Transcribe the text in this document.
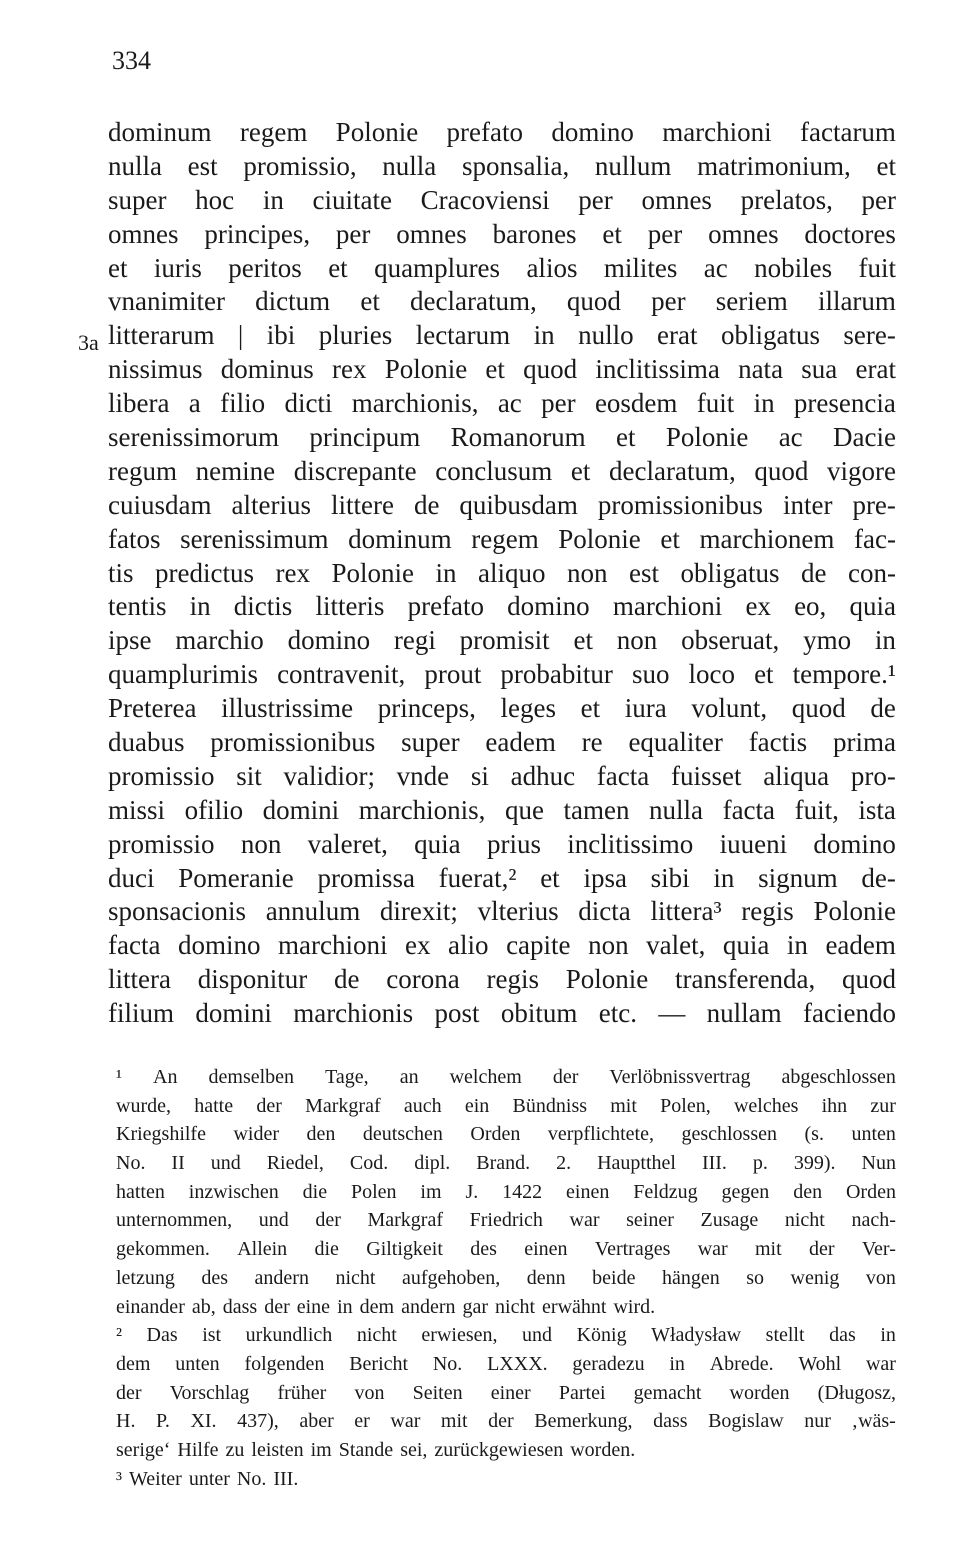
334
3a
dominum regem Polonie prefato domino marchioni factarum
nulla est promissio, nulla sponsalia, nullum matrimonium, et
super hoc in ciuitate Cracoviensi per omnes prelatos, per
omnes principes, per omnes barones et per omnes doctores
et iuris peritos et quamplures alios milites ac nobiles fuit
vnanimiter dictum et declaratum, quod per seriem illarum
litterarum | ibi pluries lectarum in nullo erat obligatus sere-
nissimus dominus rex Polonie et quod inclitissima nata sua erat
libera a filio dicti marchionis, ac per eosdem fuit in presencia
serenissimorum principum Romanorum et Polonie ac Dacie
regum nemine discrepante conclusum et declaratum, quod vigore
cuiusdam alterius littere de quibusdam promissionibus inter pre-
fatos serenissimum dominum regem Polonie et marchionem fac-
tis predictus rex Polonie in aliquo non est obligatus de con-
tentis in dictis litteris prefato domino marchioni ex eo, quia
ipse marchio domino regi promisit et non obseruat, ymo in
quamplurimis contravenit, prout probabitur suo loco et tempore.¹
Preterea illustrissime princeps, leges et iura volunt, quod de
duabus promissionibus super eadem re equaliter factis prima
promissio sit validior; vnde si adhuc facta fuisset aliqua pro-
missi ofilio domini marchionis, que tamen nulla facta fuit, ista
promissio non valeret, quia prius inclitissimo iuueni domino
duci Pomeranie promissa fuerat,² et ipsa sibi in signum de-
sponsacionis annulum direxit; vlterius dicta littera³ regis Polonie
facta domino marchioni ex alio capite non valet, quia in eadem
littera disponitur de corona regis Polonie transferenda, quod
filium domini marchionis post obitum etc. — nullam faciendo
¹ An demselben Tage, an welchem der Verlöbnissvertrag abgeschlossen
wurde, hatte der Markgraf auch ein Bündniss mit Polen, welches ihn zur
Kriegshilfe wider den deutschen Orden verpflichtete, geschlossen (s. unten
No. II und Riedel, Cod. dipl. Brand. 2. Hauptthel III. p. 399). Nun
hatten inzwischen die Polen im J. 1422 einen Feldzug gegen den Orden
unternommen, und der Markgraf Friedrich war seiner Zusage nicht nach-
gekommen. Allein die Giltigkeit des einen Vertrages war mit der Ver-
letzung des andern nicht aufgehoben, denn beide hängen so wenig von
einander ab, dass der eine in dem andern gar nicht erwähnt wird.
² Das ist urkundlich nicht erwiesen, und König Władysław stellt das in
dem unten folgenden Bericht No. LXXX. geradezu in Abrede. Wohl war
der Vorschlag früher von Seiten einer Partei gemacht worden (Długosz,
H. P. XI. 437), aber er war mit der Bemerkung, dass Bogislaw nur ‚wäs-
serige‘ Hilfe zu leisten im Stande sei, zurückgewiesen worden.
³ Weiter unter No. III.
